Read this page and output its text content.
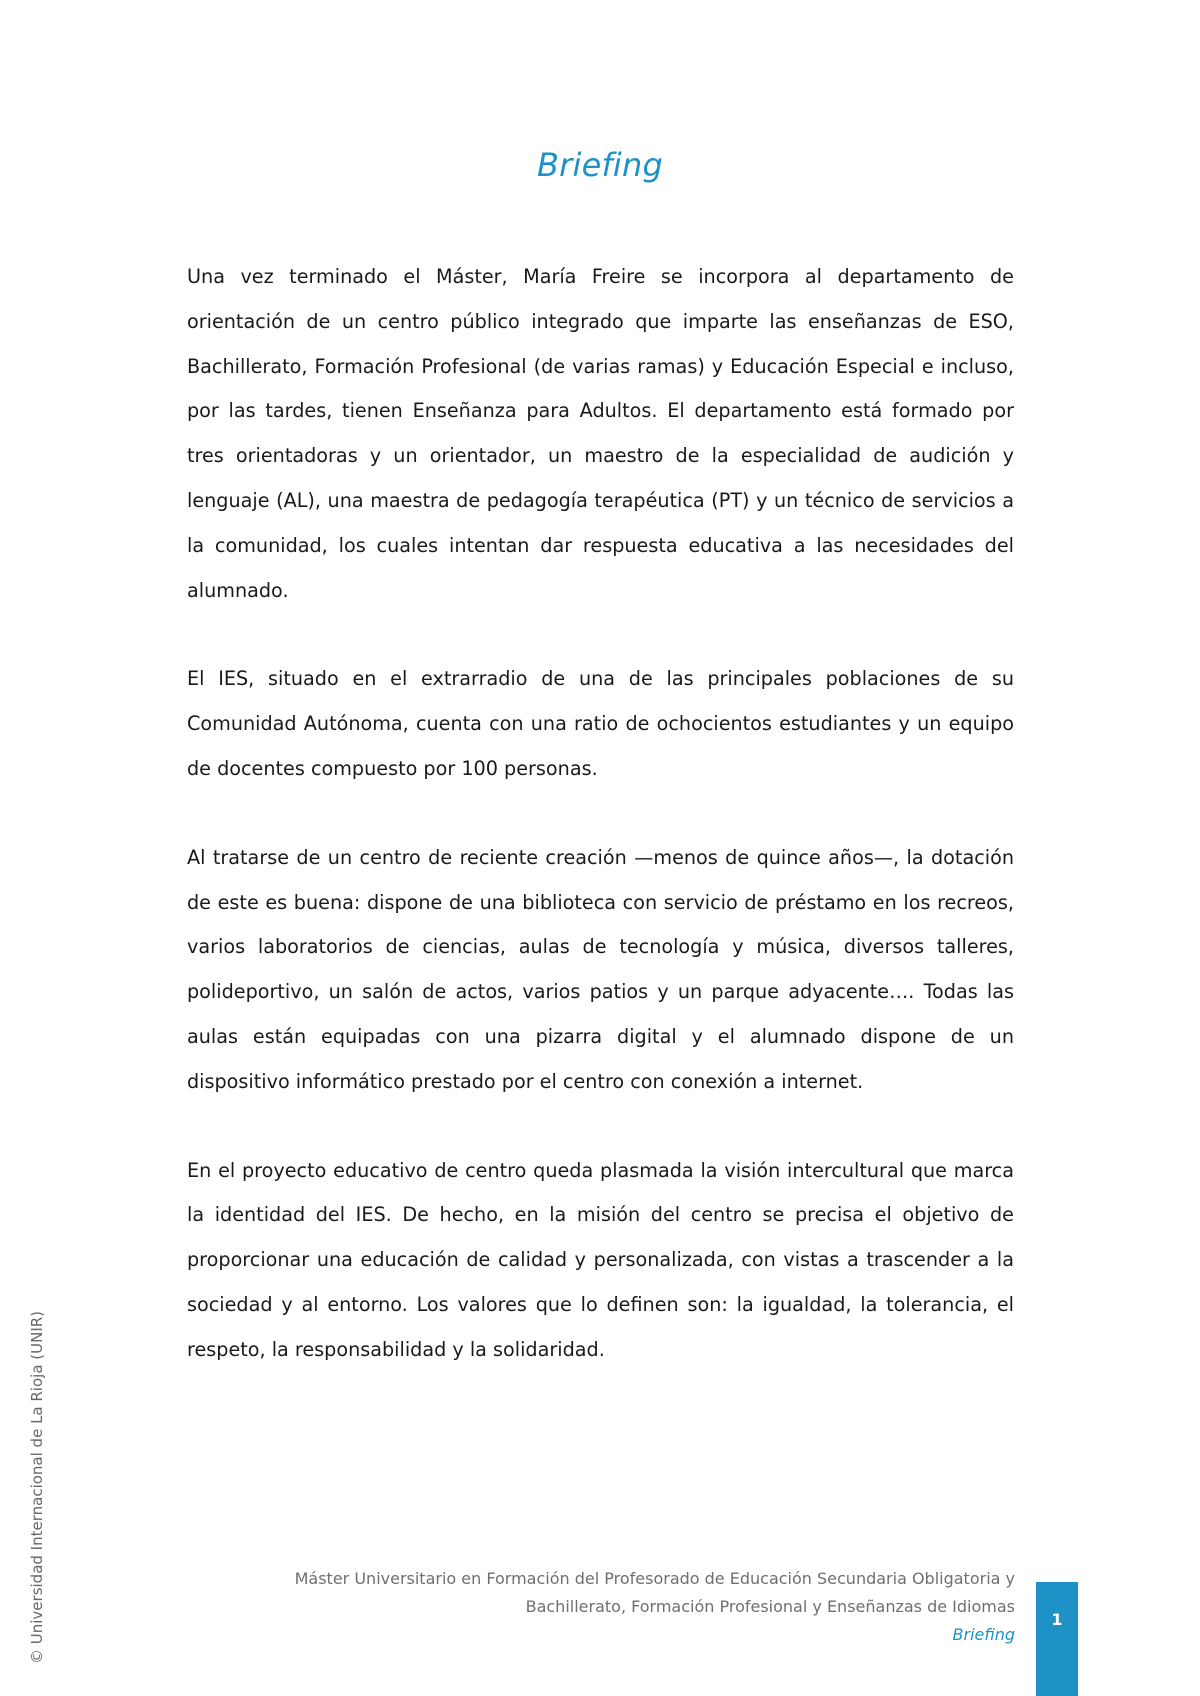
Briefing

Una vez terminado el Máster, María Freire se incorpora al departamento de orientación de un centro público integrado que imparte las enseñanzas de ESO, Bachillerato, Formación Profesional (de varias ramas) y Educación Especial e incluso, por las tardes, tienen Enseñanza para Adultos. El departamento está formado por tres orientadoras y un orientador, un maestro de la especialidad de audición y lenguaje (AL), una maestra de pedagogía terapéutica (PT) y un técnico de servicios a la comunidad, los cuales intentan dar respuesta educativa a las necesidades del alumnado.

El IES, situado en el extrarradio de una de las principales poblaciones de su Comunidad Autónoma, cuenta con una ratio de ochocientos estudiantes y un equipo de docentes compuesto por 100 personas.

Al tratarse de un centro de reciente creación —menos de quince años—, la dotación de este es buena: dispone de una biblioteca con servicio de préstamo en los recreos, varios laboratorios de ciencias, aulas de tecnología y música, diversos talleres, polideportivo, un salón de actos, varios patios y un parque adyacente…. Todas las aulas están equipadas con una pizarra digital y el alumnado dispone de un dispositivo informático prestado por el centro con conexión a internet.

En el proyecto educativo de centro queda plasmada la visión intercultural que marca la identidad del IES. De hecho, en la misión del centro se precisa el objetivo de proporcionar una educación de calidad y personalizada, con vistas a trascender a la sociedad y al entorno. Los valores que lo definen son: la igualdad, la tolerancia, el respeto, la responsabilidad y la solidaridad.

© Universidad Internacional de La Rioja (UNIR)	Máster Universitario en Formación del Profesorado de Educación Secundaria Obligatoria y
Bachillerato, Formación Profesional y Enseñanzas de Idiomas
Briefing
1
